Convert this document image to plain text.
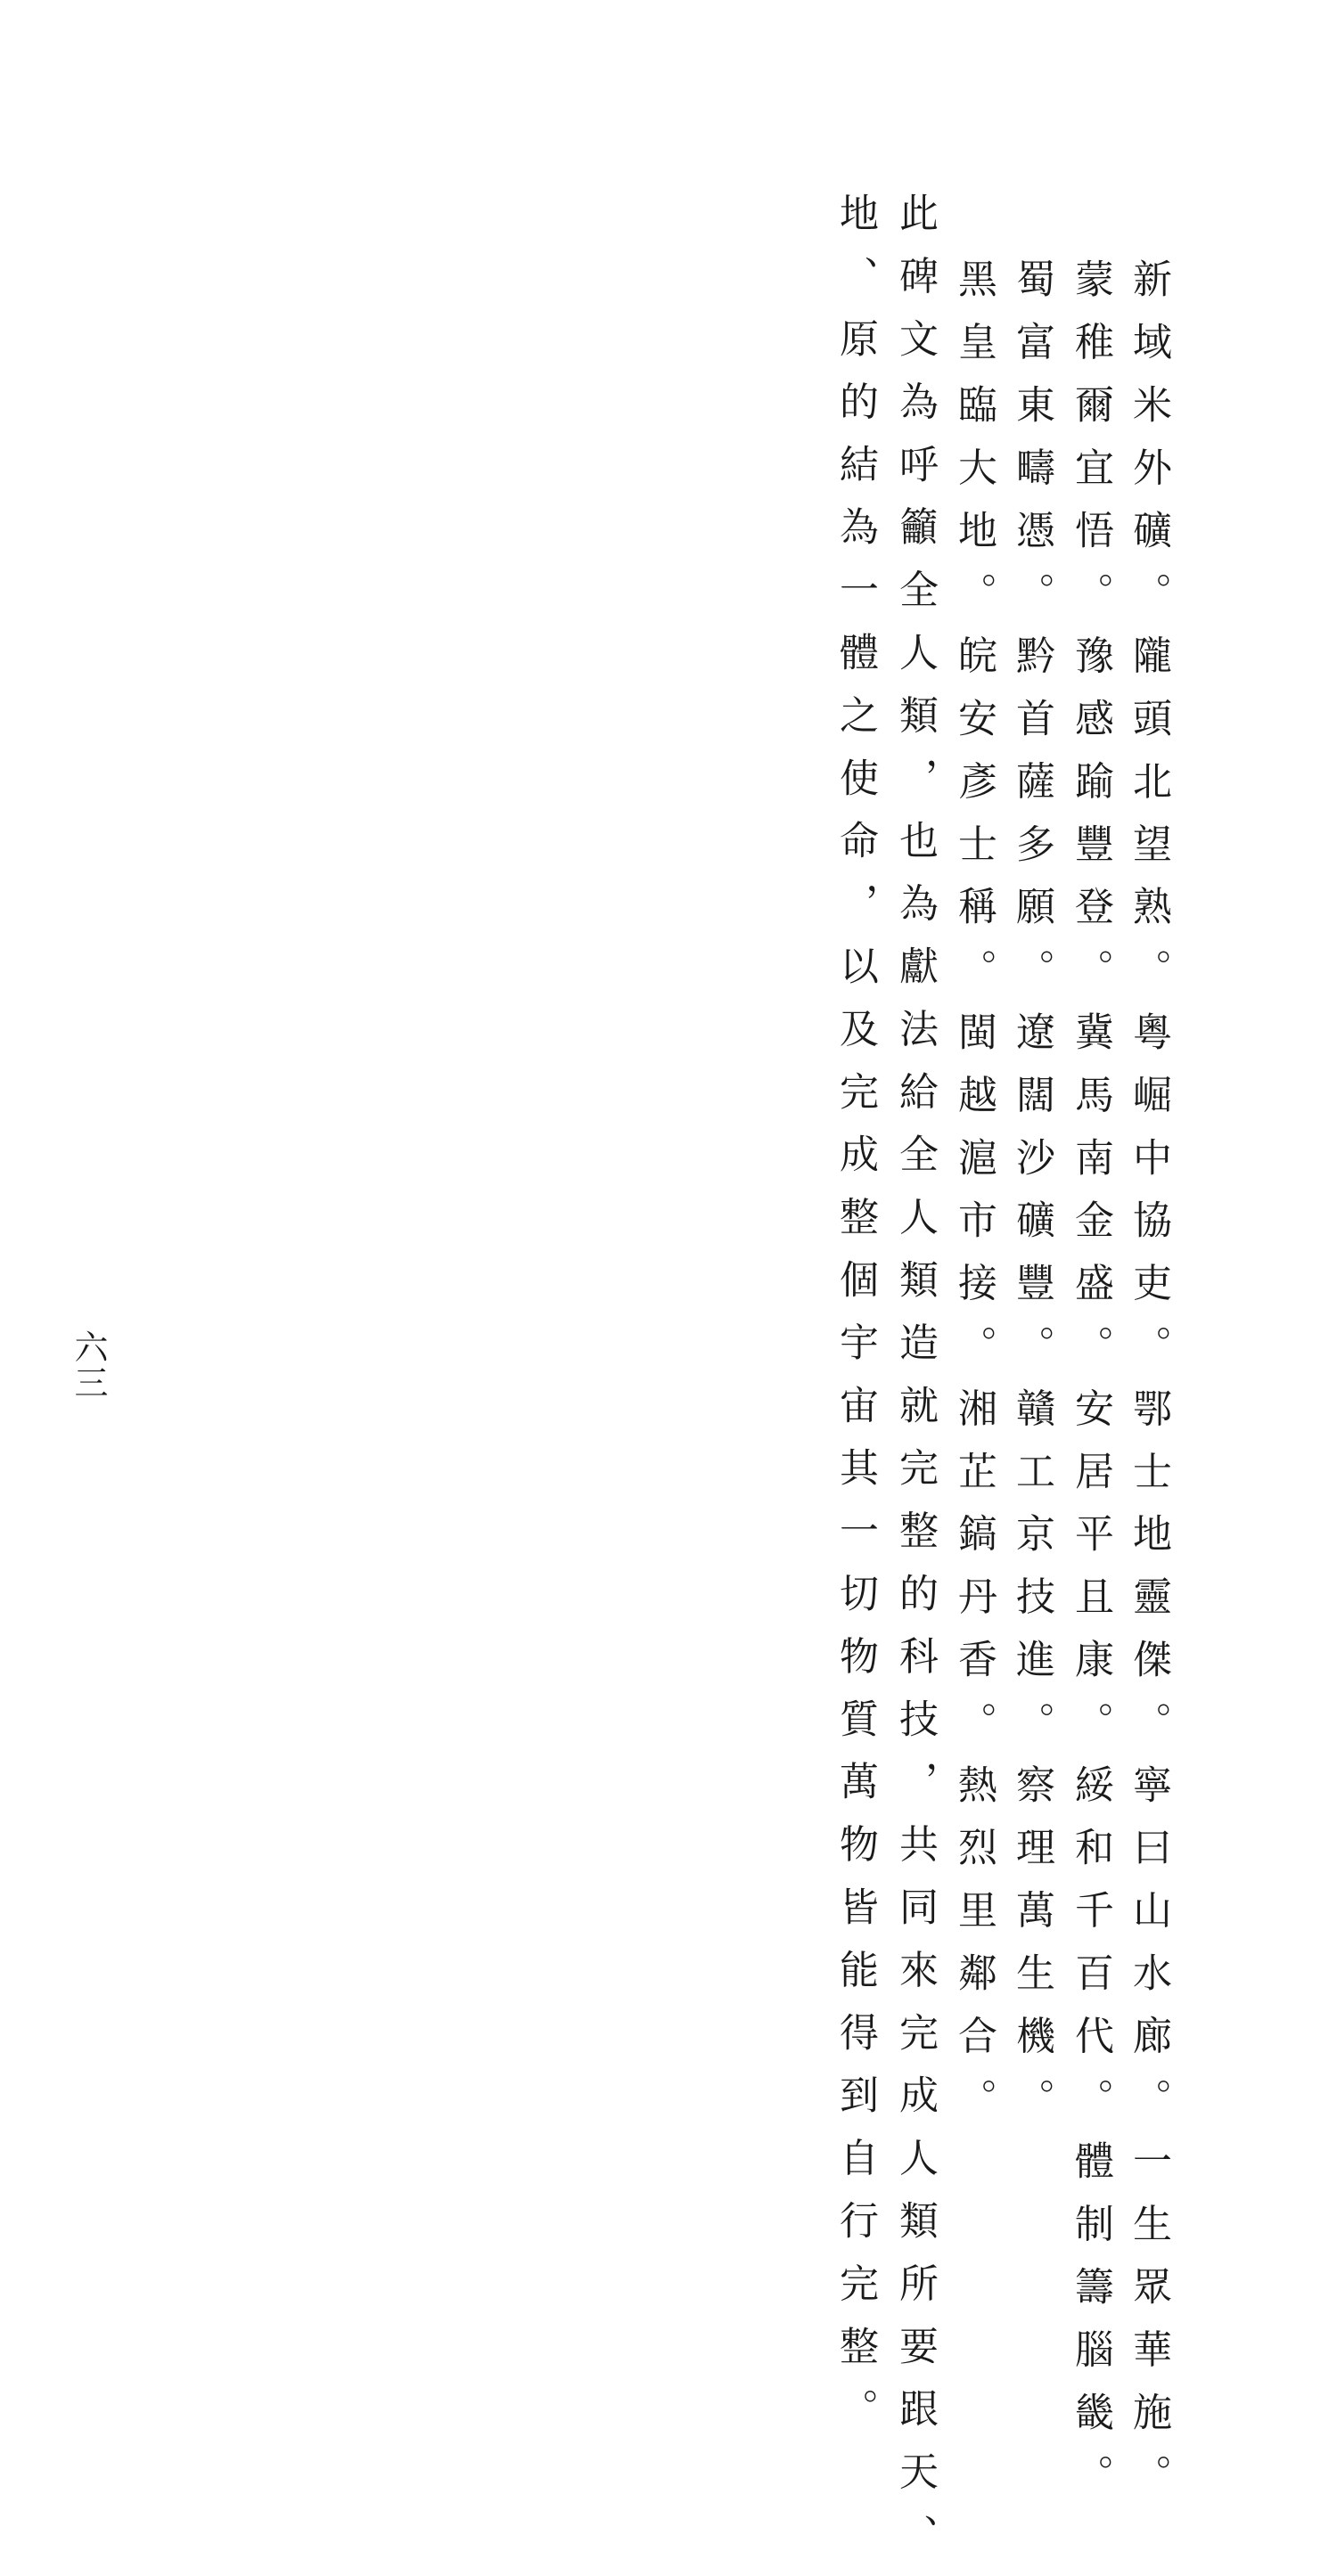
新域米外礦。隴頭北望熟。粵崛中協吏。鄂士地靈傑。寧曰山水廊。一生眾華施。
蒙稚爾宜悟。豫感踰豐登。冀馬南金盛。安居平且康。綏和千百代。體制籌腦畿。
蜀富東疇憑。黔首薩多願。遼闊沙礦豐。贛工京技進。察理萬生機。
黑皇臨大地。皖安彥士稱。閩越滬市接。湘芷鎬丹香。熱烈里鄰合。
此碑文為呼籲全人類，也為獻法給全人類造就完整的科技，共同來完成人類所要跟天、
地、原的結為一體之使命，以及完成整個宇宙其一切物質萬物皆能得到自行完整。
六三
